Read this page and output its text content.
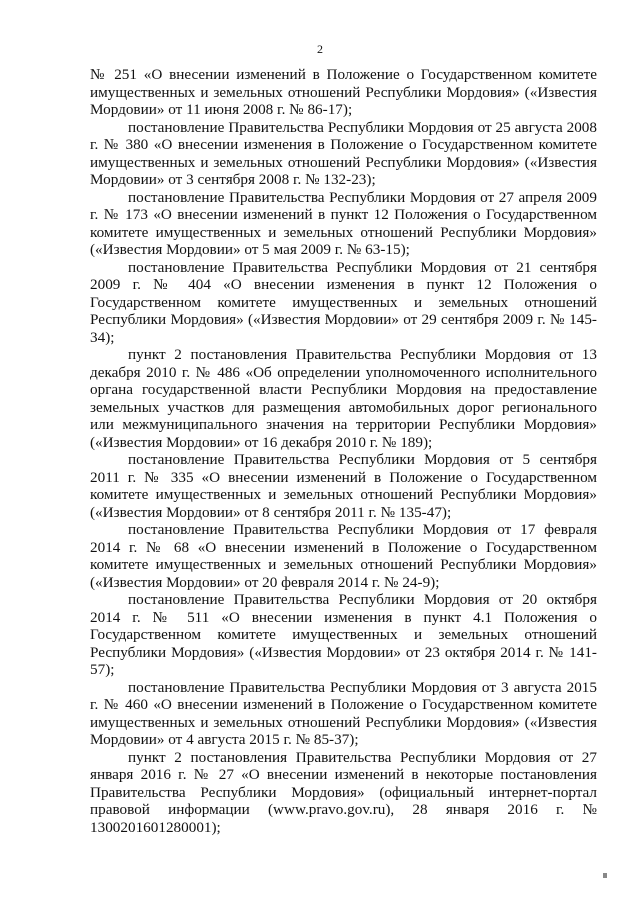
2

№ 251 «О внесении изменений в Положение о Государственном комитете имущественных и земельных отношений Республики Мордовия» («Известия Мордовии» от 11 июня 2008 г. № 86-17);

постановление Правительства Республики Мордовия от 25 августа 2008 г. № 380 «О внесении изменения в Положение о Государственном комитете имущественных и земельных отношений Республики Мордовия» («Известия Мордовии» от 3 сентября 2008 г. № 132-23);

постановление Правительства Республики Мордовия от 27 апреля 2009 г. № 173 «О внесении изменений в пункт 12 Положения о Государственном комитете имущественных и земельных отношений Республики Мордовия» («Известия Мордовии» от 5 мая 2009 г. № 63-15);

постановление Правительства Республики Мордовия от 21 сентября 2009 г. № 404 «О внесении изменения в пункт 12 Положения о Государственном комитете имущественных и земельных отношений Республики Мордовия» («Известия Мордовии» от 29 сентября 2009 г. № 145-34);

пункт 2 постановления Правительства Республики Мордовия от 13 декабря 2010 г. № 486 «Об определении уполномоченного исполнительного органа государственной власти Республики Мордовия на предоставление земельных участков для размещения автомобильных дорог регионального или межмуниципального значения на территории Республики Мордовия» («Известия Мордовии» от 16 декабря 2010 г. № 189);

постановление Правительства Республики Мордовия от 5 сентября 2011 г. № 335 «О внесении изменений в Положение о Государственном комитете имущественных и земельных отношений Республики Мордовия» («Известия Мордовии» от 8 сентября 2011 г. № 135-47);

постановление Правительства Республики Мордовия от 17 февраля 2014 г. № 68 «О внесении изменений в Положение о Государственном комитете имущественных и земельных отношений Республики Мордовия» («Известия Мордовии» от 20 февраля 2014 г. № 24-9);

постановление Правительства Республики Мордовия от 20 октября 2014 г. № 511 «О внесении изменения в пункт 4.1 Положения о Государственном комитете имущественных и земельных отношений Республики Мордовия» («Известия Мордовии» от 23 октября 2014 г. № 141-57);

постановление Правительства Республики Мордовия от 3 августа 2015 г. № 460 «О внесении изменений в Положение о Государственном комитете имущественных и земельных отношений Республики Мордовия» («Известия Мордовии» от 4 августа 2015 г. № 85-37);

пункт 2 постановления Правительства Республики Мордовия от 27 января 2016 г. № 27 «О внесении изменений в некоторые постановления Правительства Республики Мордовия» (официальный интернет-портал правовой информации (www.pravo.gov.ru), 28 января 2016 г. № 1300201601280001);
